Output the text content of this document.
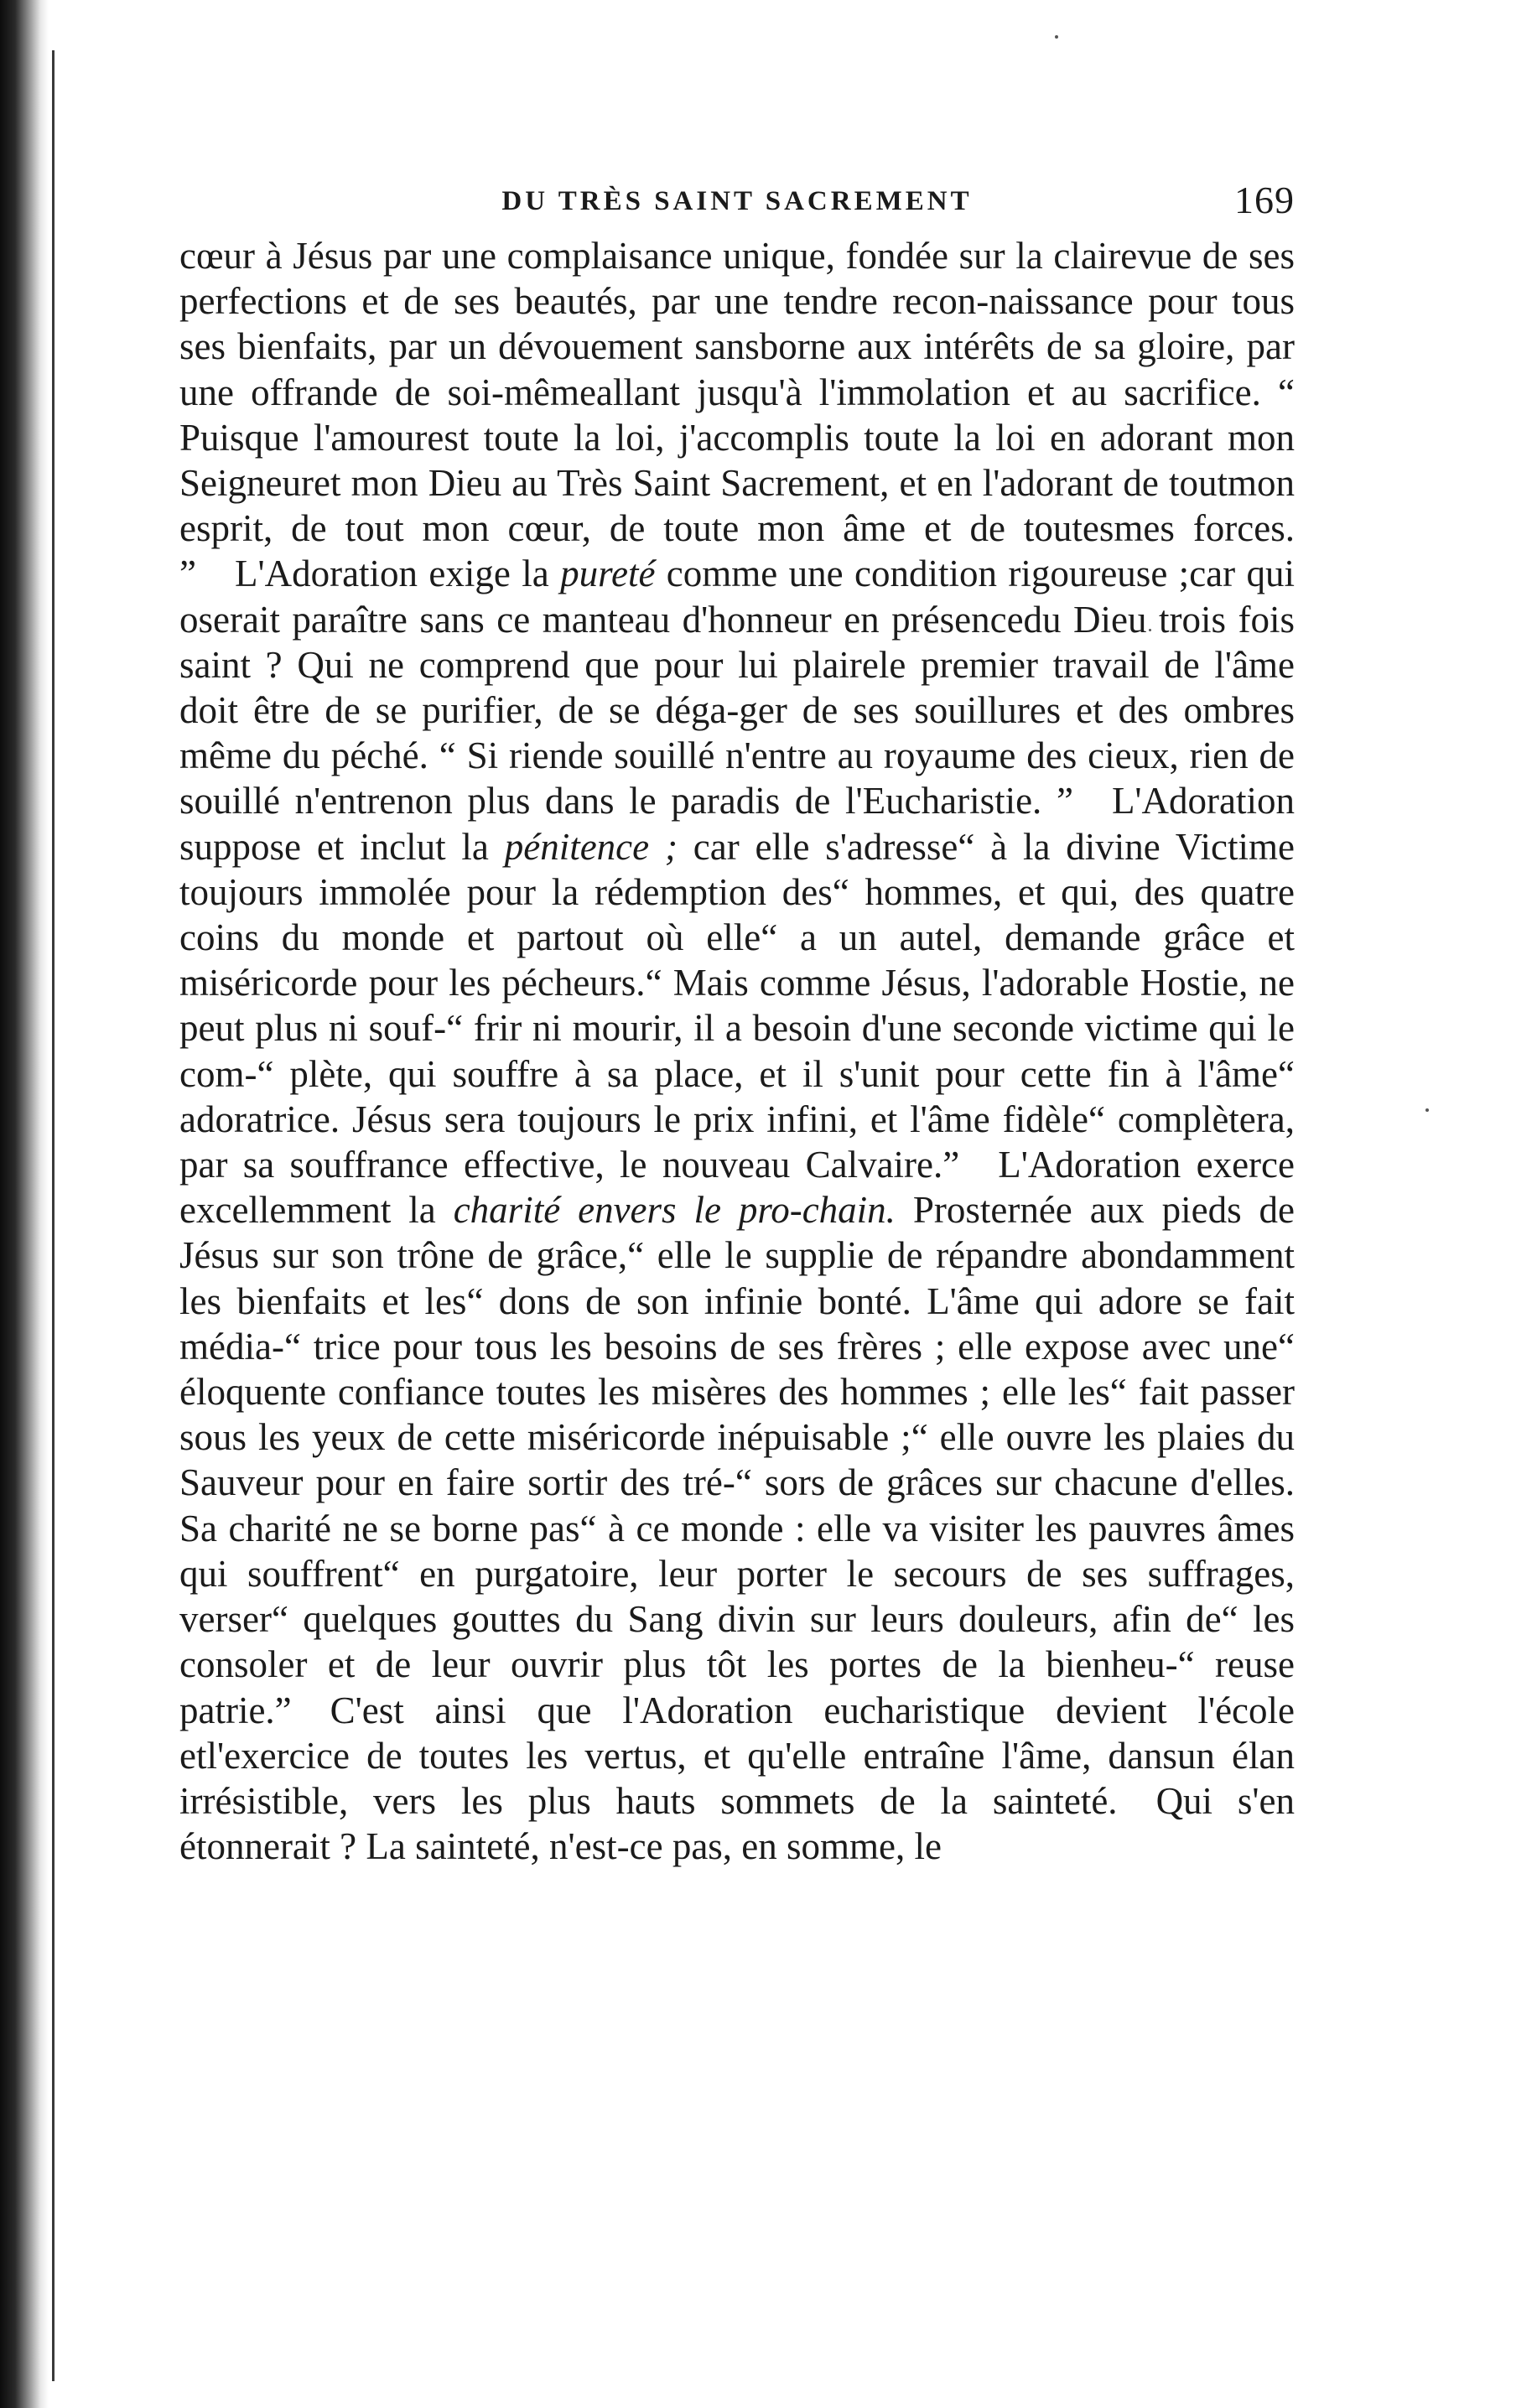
DU TRÈS SAINT SACREMENT	169
cœur à Jésus par une complaisance unique, fondée sur la clairevue de ses perfections et de ses beautés, par une tendre recon-naissance pour tous ses bienfaits, par un dévouement sansborne aux intérêts de sa gloire, par une offrande de soi-mêmeallant jusqu'à l'immolation et au sacrifice. “ Puisque l'amourest toute la loi, j'accomplis toute la loi en adorant mon Seigneuret mon Dieu au Très Saint Sacrement, et en l'adorant de toutmon esprit, de tout mon cœur, de toute mon âme et de toutesmes forces. ” L'Adoration exige la pureté comme une condition rigoureuse ;car qui oserait paraître sans ce manteau d'honneur en présencedu Dieu trois fois saint ? Qui ne comprend que pour lui plairele premier travail de l'âme doit être de se purifier, de se déga-ger de ses souillures et des ombres même du péché. “ Si riende souillé n'entre au royaume des cieux, rien de souillé n'entrenon plus dans le paradis de l'Eucharistie. ” L'Adoration suppose et inclut la pénitence ; car elle s'adresse“ à la divine Victime toujours immolée pour la rédemption des“ hommes, et qui, des quatre coins du monde et partout où elle“ a un autel, demande grâce et miséricorde pour les pécheurs.“ Mais comme Jésus, l'adorable Hostie, ne peut plus ni souf-“ frir ni mourir, il a besoin d'une seconde victime qui le com-“ plète, qui souffre à sa place, et il s'unit pour cette fin à l'âme“ adoratrice. Jésus sera toujours le prix infini, et l'âme fidèle“ complètera, par sa souffrance effective, le nouveau Calvaire.” L'Adoration exerce excellemment la charité envers le pro-chain. Prosternée aux pieds de Jésus sur son trône de grâce,“ elle le supplie de répandre abondamment les bienfaits et les“ dons de son infinie bonté. L'âme qui adore se fait média-“ trice pour tous les besoins de ses frères ; elle expose avec une“ éloquente confiance toutes les misères des hommes ; elle les“ fait passer sous les yeux de cette miséricorde inépuisable ;“ elle ouvre les plaies du Sauveur pour en faire sortir des tré-“ sors de grâces sur chacune d'elles. Sa charité ne se borne pas“ à ce monde : elle va visiter les pauvres âmes qui souffrent“ en purgatoire, leur porter le secours de ses suffrages, verser“ quelques gouttes du Sang divin sur leurs douleurs, afin de“ les consoler et de leur ouvrir plus tôt les portes de la bienheu-“ reuse patrie.” C'est ainsi que l'Adoration eucharistique devient l'école etl'exercice de toutes les vertus, et qu'elle entraîne l'âme, dansun élan irrésistible, vers les plus hauts sommets de la sainteté. Qui s'en étonnerait ? La sainteté, n'est-ce pas, en somme, le
